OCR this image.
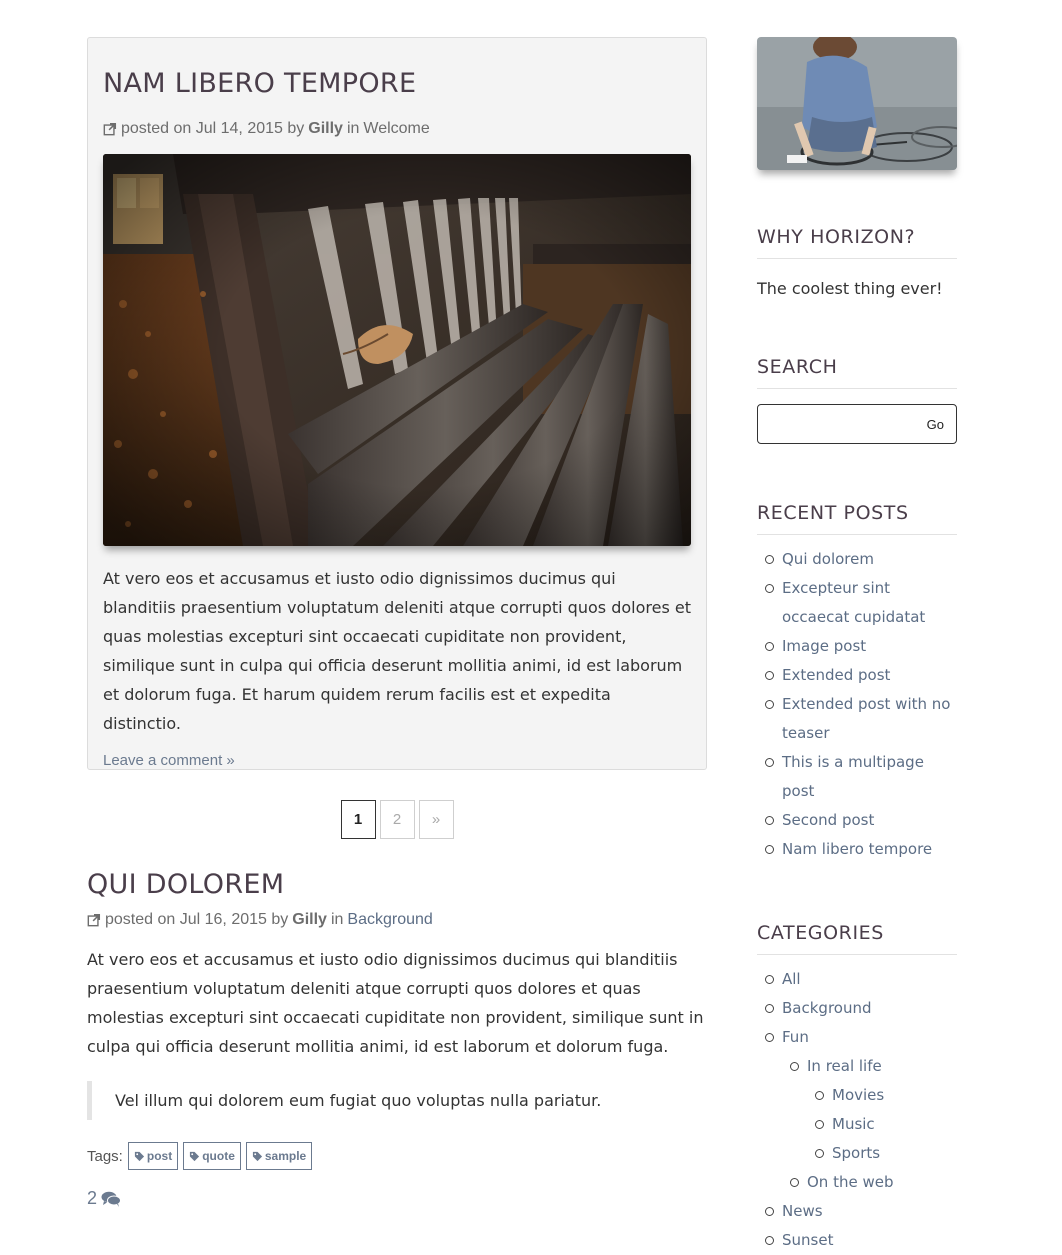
NAM LIBERO TEMPORE
posted on Jul 14, 2015 by Gilly in Welcome

At vero eos et accusamus et iusto odio dignissimos ducimus qui blanditiis praesentium voluptatum deleniti atque corrupti quos dolores et quas molestias excepturi sint occaecati cupiditate non provident, similique sunt in culpa qui officia deserunt mollitia animi, id est laborum et dolorum fuga. Et harum quidem rerum facilis est et expedita distinctio.

Leave a comment »
1	2	»
QUI DOLOREM
posted on Jul 16, 2015 by Gilly in Background

At vero eos et accusamus et iusto odio dignissimos ducimus qui blanditiis praesentium voluptatum deleniti atque corrupti quos dolores et quas molestias excepturi sint occaecati cupiditate non provident, similique sunt in culpa qui officia deserunt mollitia animi, id est laborum et dolorum fuga.

Vel illum qui dolorem eum fugiat quo voluptas nulla pariatur.
Tags: post	quote	sample
2
WHY HORIZON?
The coolest thing ever!
SEARCH
Go
RECENT POSTS
Qui dolorem
Excepteur sint occaecat cupidatat
Image post
Extended post
Extended post with no teaser
This is a multipage post
Second post
Nam libero tempore
CATEGORIES
All
Background
Fun
In real life
Movies
Music
Sports
On the web
News
Sunset
